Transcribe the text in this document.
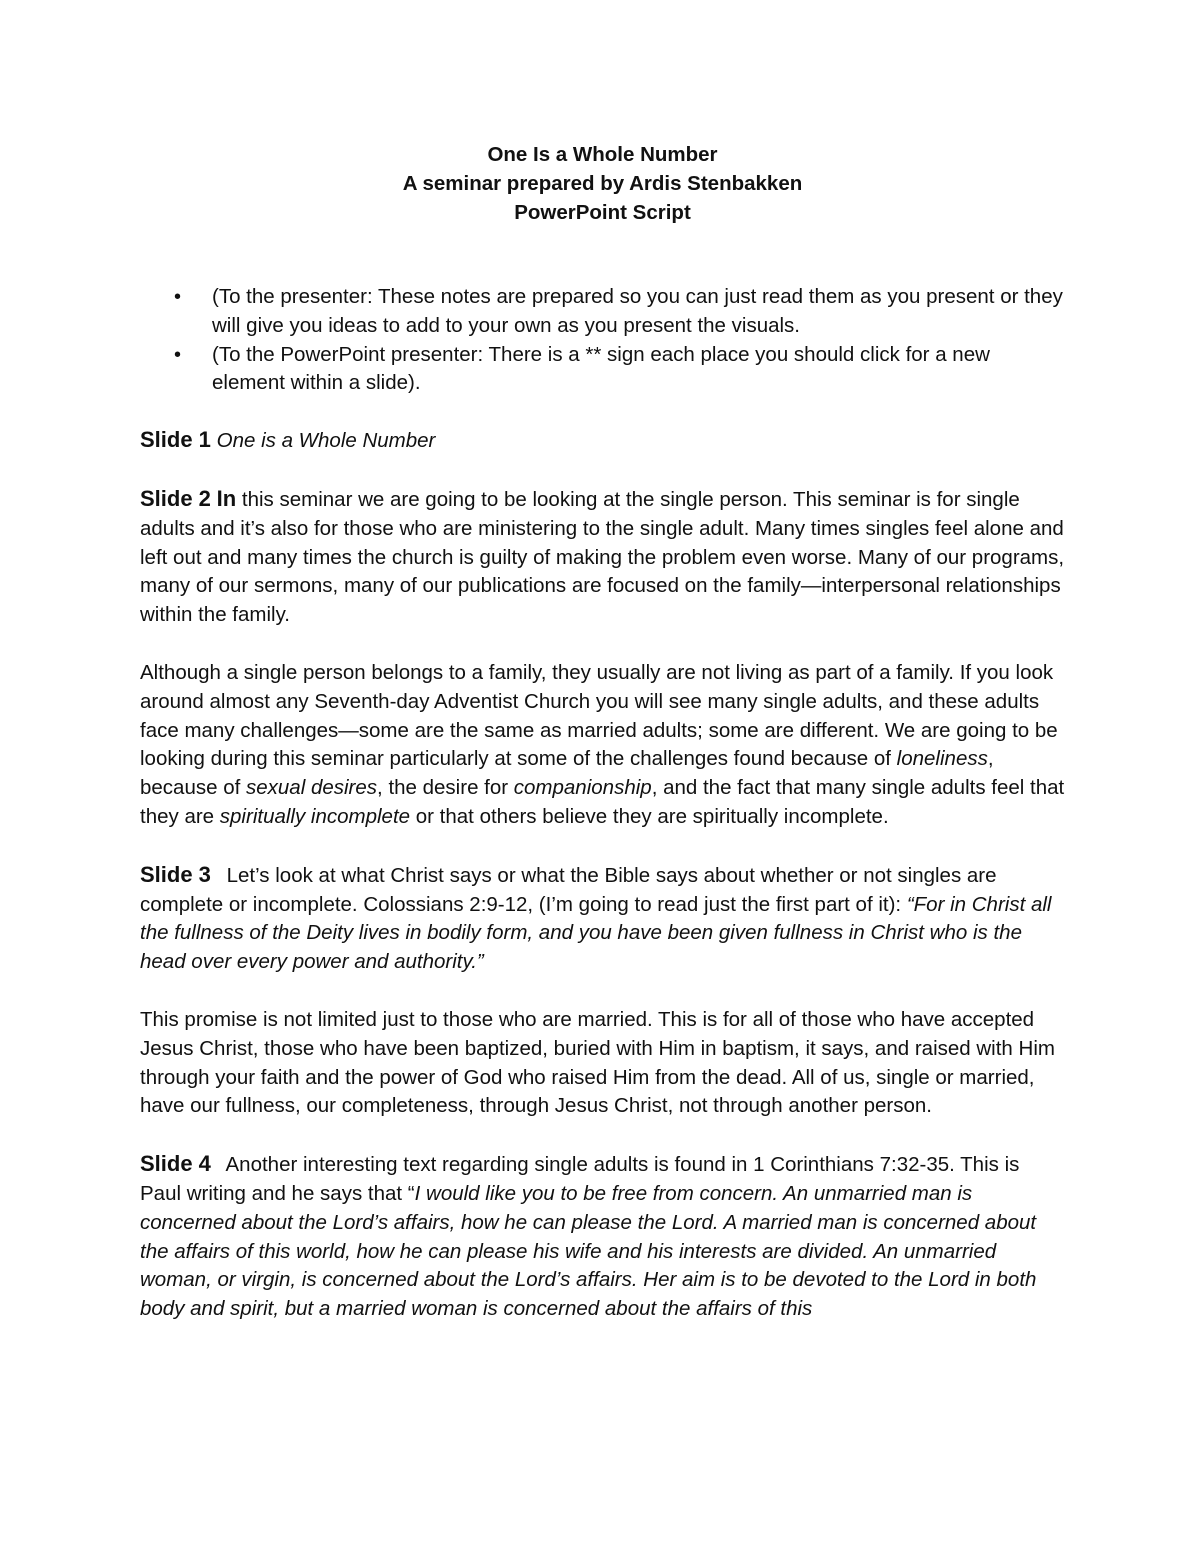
One Is a Whole Number
A seminar prepared by Ardis Stenbakken
PowerPoint Script
• (To the presenter: These notes are prepared so you can just read them as you present or they will give you ideas to add to your own as you present the visuals.
• (To the PowerPoint presenter: There is a ** sign each place you should click for a new element within a slide).

Slide 1 One is a Whole Number

Slide 2 In this seminar we are going to be looking at the single person. This seminar is for single adults and it’s also for those who are ministering to the single adult. Many times singles feel alone and left out and many times the church is guilty of making the problem even worse. Many of our programs, many of our sermons, many of our publications are focused on the family—interpersonal relationships within the family.

Although a single person belongs to a family, they usually are not living as part of a family. If you look around almost any Seventh-day Adventist Church you will see many single adults, and these adults face many challenges—some are the same as married adults; some are different. We are going to be looking during this seminar particularly at some of the challenges found because of loneliness, because of sexual desires, the desire for companionship, and the fact that many single adults feel that they are spiritually incomplete or that others believe they are spiritually incomplete.

Slide 3 Let’s look at what Christ says or what the Bible says about whether or not singles are complete or incomplete. Colossians 2:9-12, (I’m going to read just the first part of it): “For in Christ all the fullness of the Deity lives in bodily form, and you have been given fullness in Christ who is the head over every power and authority.”

This promise is not limited just to those who are married. This is for all of those who have accepted Jesus Christ, those who have been baptized, buried with Him in baptism, it says, and raised with Him through your faith and the power of God who raised Him from the dead. All of us, single or married, have our fullness, our completeness, through Jesus Christ, not through another person.

Slide 4 Another interesting text regarding single adults is found in 1 Corinthians 7:32-35. This is Paul writing and he says that “I would like you to be free from concern. An unmarried man is concerned about the Lord’s affairs, how he can please the Lord. A married man is concerned about the affairs of this world, how he can please his wife and his interests are divided. An unmarried woman, or virgin, is concerned about the Lord’s affairs. Her aim is to be devoted to the Lord in both body and spirit, but a married woman is concerned about the affairs of this
